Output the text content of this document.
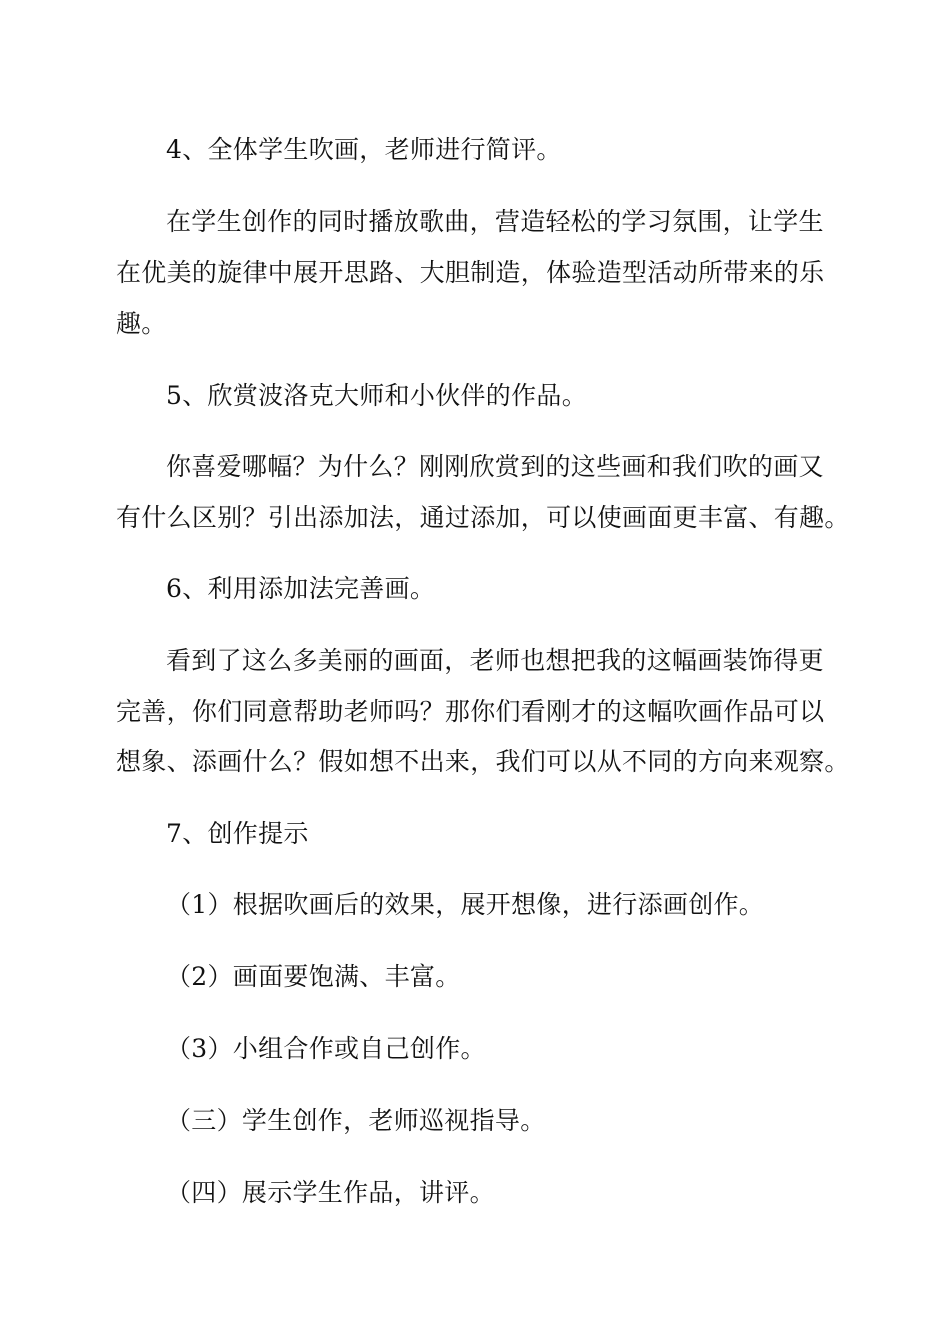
4、全体学生吹画，老师进行简评。
在学生创作的同时播放歌曲，营造轻松的学习氛围，让学生
在优美的旋律中展开思路、大胆制造，体验造型活动所带来的乐
趣。
5、欣赏波洛克大师和小伙伴的作品。
你喜爱哪幅？为什么？刚刚欣赏到的这些画和我们吹的画又
有什么区别？引出添加法，通过添加，可以使画面更丰富、有趣。
6、利用添加法完善画。
看到了这么多美丽的画面，老师也想把我的这幅画装饰得更
完善，你们同意帮助老师吗？那你们看刚才的这幅吹画作品可以
想象、添画什么？假如想不出来，我们可以从不同的方向来观察。
7、创作提示
（1）根据吹画后的效果，展开想像，进行添画创作。
（2）画面要饱满、丰富。
（3）小组合作或自己创作。
（三）学生创作，老师巡视指导。
（四）展示学生作品，讲评。
